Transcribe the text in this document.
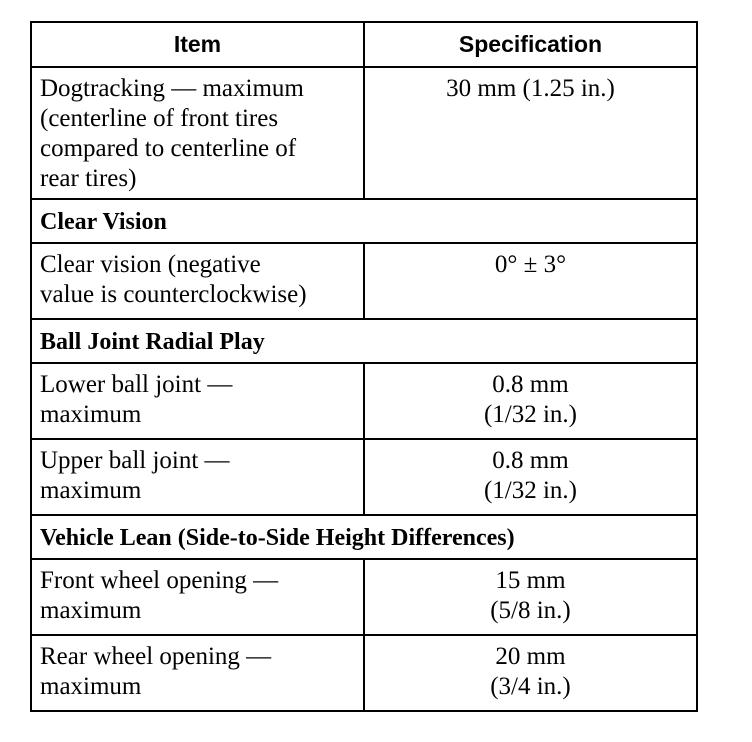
Item	Specification

Dogtracking — maximum
(centerline of front tires
compared to centerline of
rear tires)	30 mm (1.25 in.)

Clear Vision	

Clear vision (negative
value is counterclockwise)	0° ± 3°

Ball Joint Radial Play	

Lower ball joint —
maximum	0.8 mm
(1/32 in.)

Upper ball joint —
maximum	0.8 mm
(1/32 in.)

Vehicle Lean (Side-to-Side Height Differences)	

Front wheel opening —
maximum	15 mm
(5/8 in.)

Rear wheel opening —
maximum	20 mm
(3/4 in.)
